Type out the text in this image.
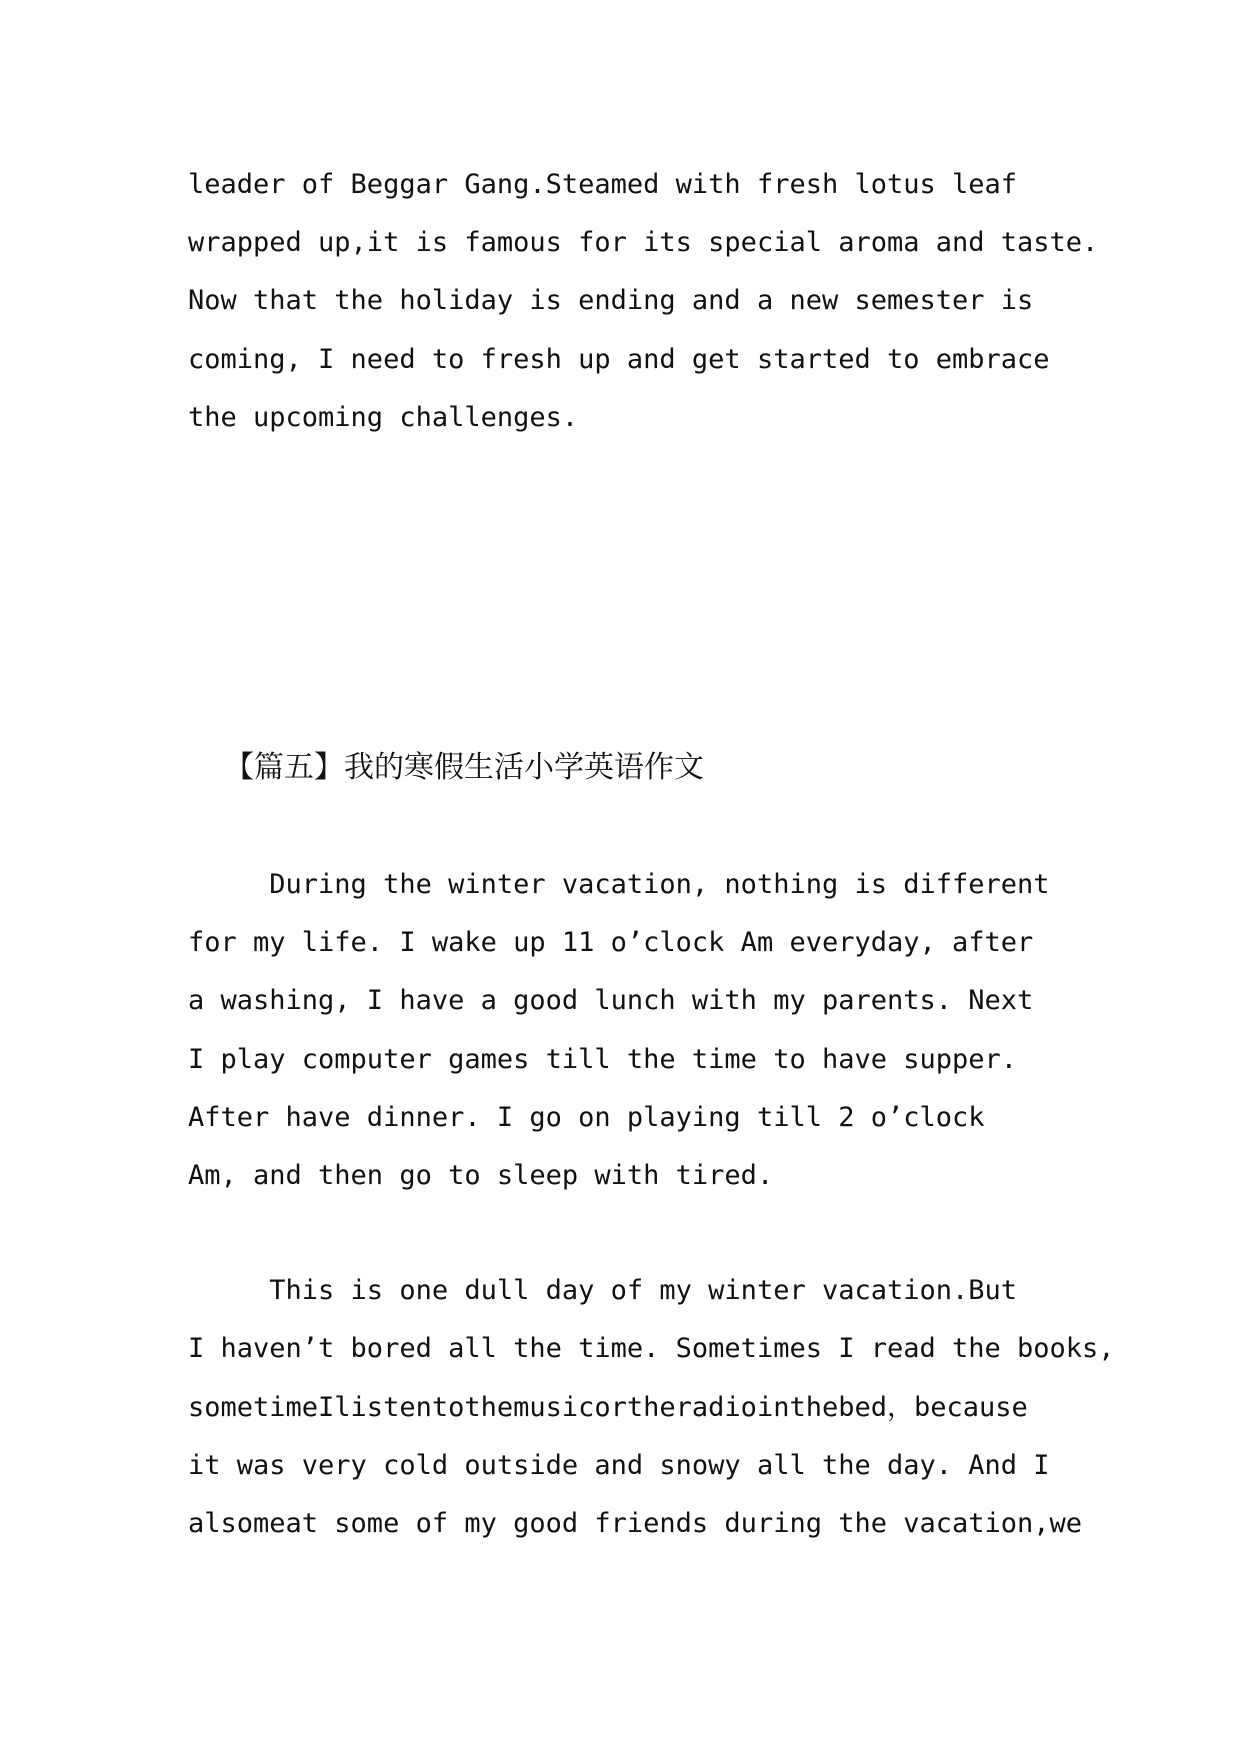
leader of Beggar Gang.Steamed with fresh lotus leaf
wrapped up,it is famous for its special aroma and taste.
Now that the holiday is ending and a new semester is
coming, I need to fresh up and get started to embrace
the upcoming challenges.
【篇五】我的寒假生活小学英语作文
During the winter vacation, nothing is different
for my life. I wake up 11 o’clock Am everyday, after
a washing, I have a good lunch with my parents. Next
I play computer games till the time to have supper.
After have dinner. I go on playing till 2 o’clock
Am, and then go to sleep with tired.
This is one dull day of my winter vacation.But
I haven’t bored all the time. Sometimes I read the books,
sometimeIlistentothemusicortheradiointhebed，because
it was very cold outside and snowy all the day. And I
alsomeat some of my good friends during the vacation,we
